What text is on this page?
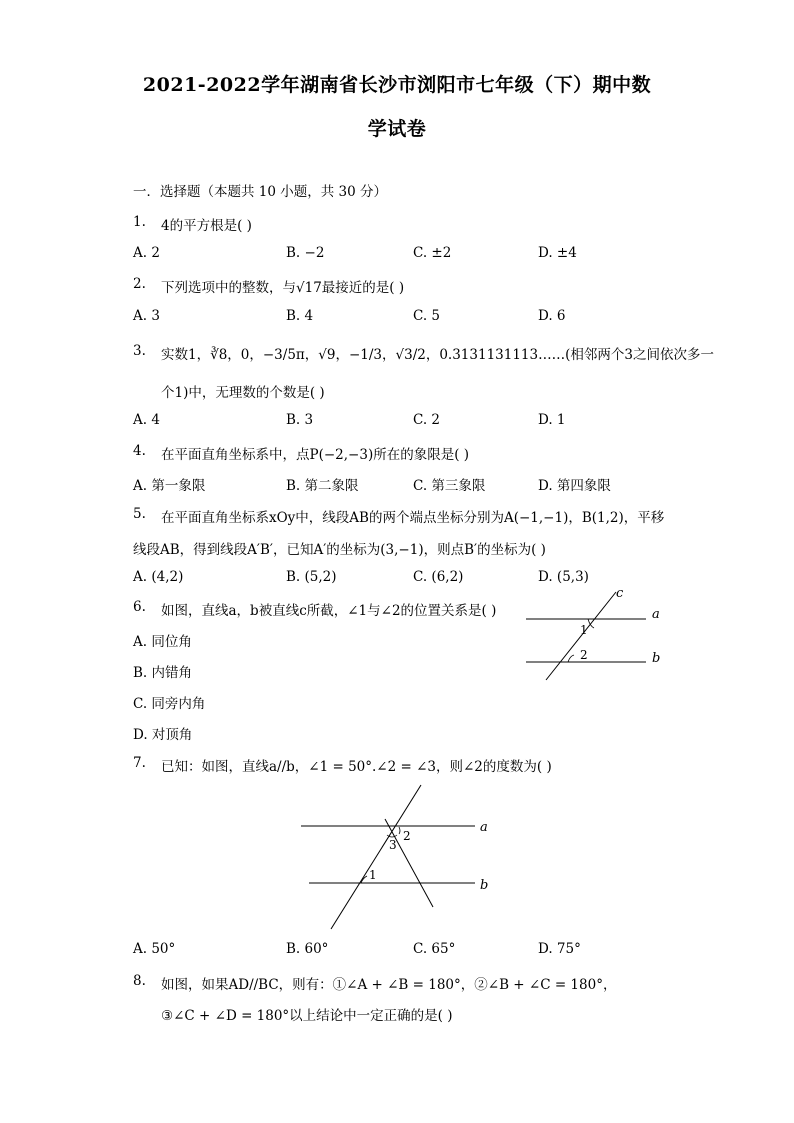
2021-2022学年湖南省长沙市浏阳市七年级（下）期中数
学试卷
一．选择题（本题共 10 小题，共 30 分）
1. 4的平方根是( )
A. 2	B. −2	C. ±2	D. ±4
2. 下列选项中的整数，与√17最接近的是( )
A. 3	B. 4	C. 5	D. 6
3. 实数1，∛8，0，−3/5π，√9，−1/3，√3/2，0.3131131113……(相邻两个3之间依次多一
个1)中，无理数的个数是( )
A. 4	B. 3	C. 2	D. 1
4. 在平面直角坐标系中，点P(−2,−3)所在的象限是( )
A. 第一象限	B. 第二象限	C. 第三象限	D. 第四象限
5. 在平面直角坐标系xOy中，线段AB的两个端点坐标分别为A(−1,−1)，B(1,2)，平移
线段AB，得到线段A′B′，已知A′的坐标为(3,−1)，则点B′的坐标为( )
A. (4,2)	B. (5,2)	C. (6,2)	D. (5,3)
6. 如图，直线a，b被直线c所截，∠1与∠2的位置关系是( )
A. 同位角
B. 内错角
C. 同旁内角
D. 对顶角
a
b
c
1
2
7. 已知：如图，直线a//b，∠1 = 50°.∠2 = ∠3，则∠2的度数为( )
a
b
2
3
1
A. 50°	B. 60°	C. 65°	D. 75°
8. 如图，如果AD//BC，则有：①∠A + ∠B = 180°，②∠B + ∠C = 180°，
③∠C + ∠D = 180°以上结论中一定正确的是( )
